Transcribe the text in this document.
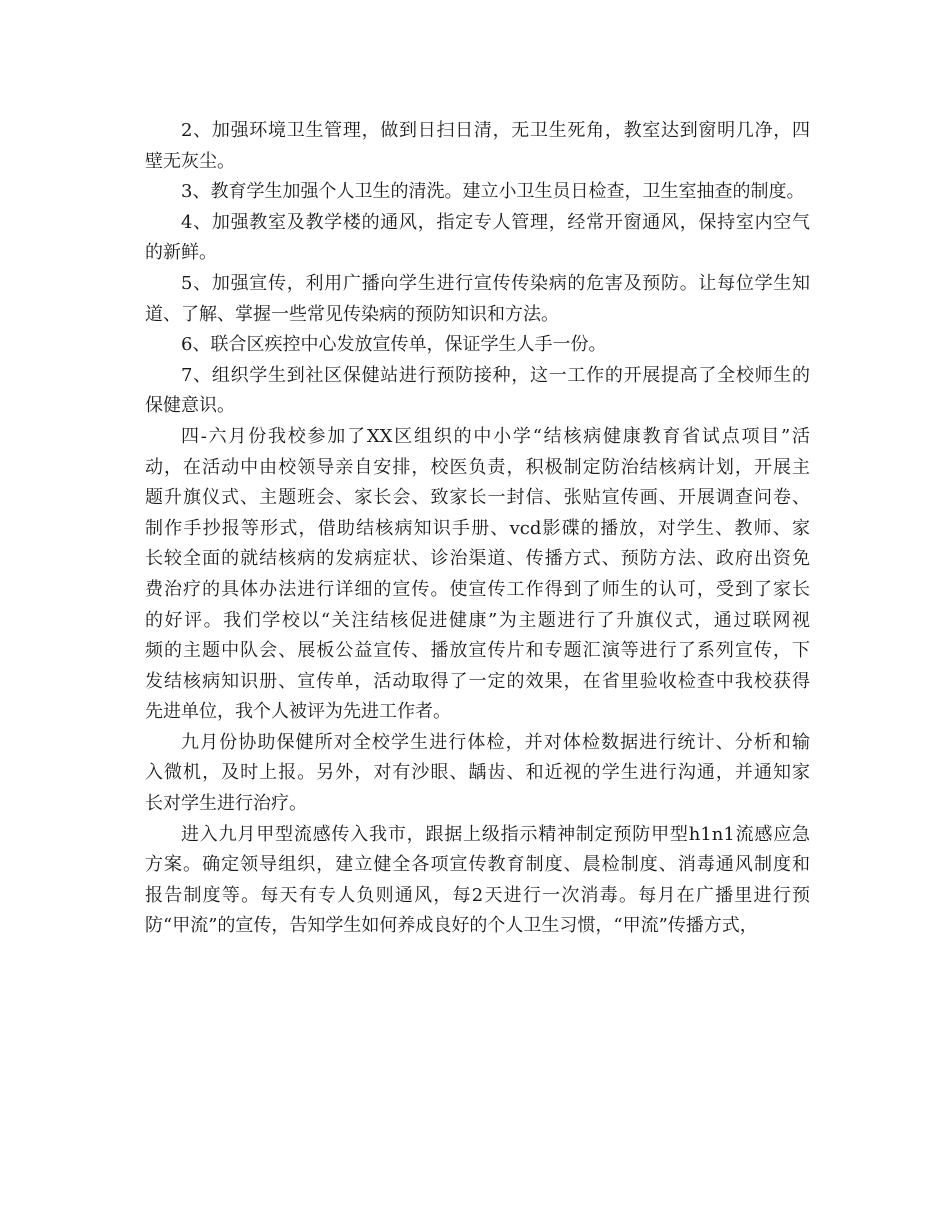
2、加强环境卫生管理，做到日扫日清，无卫生死角，教室达到窗明几净，四
壁无灰尘。
3、教育学生加强个人卫生的清洗。建立小卫生员日检查，卫生室抽查的制度。
4、加强教室及教学楼的通风，指定专人管理，经常开窗通风，保持室内空气
的新鲜。
5、加强宣传，利用广播向学生进行宣传传染病的危害及预防。让每位学生知
道、了解、掌握一些常见传染病的预防知识和方法。
6、联合区疾控中心发放宣传单，保证学生人手一份。
7、组织学生到社区保健站进行预防接种，这一工作的开展提高了全校师生的
保健意识。
四-六月份我校参加了XX区组织的中小学“结核病健康教育省试点项目”活
动，在活动中由校领导亲自安排，校医负责，积极制定防治结核病计划，开展主
题升旗仪式、主题班会、家长会、致家长一封信、张贴宣传画、开展调查问卷、
制作手抄报等形式，借助结核病知识手册、vcd影碟的播放，对学生、教师、家
长较全面的就结核病的发病症状、诊治渠道、传播方式、预防方法、政府出资免
费治疗的具体办法进行详细的宣传。使宣传工作得到了师生的认可，受到了家长
的好评。我们学校以“关注结核促进健康”为主题进行了升旗仪式，通过联网视
频的主题中队会、展板公益宣传、播放宣传片和专题汇演等进行了系列宣传，下
发结核病知识册、宣传单，活动取得了一定的效果，在省里验收检查中我校获得
先进单位，我个人被评为先进工作者。
九月份协助保健所对全校学生进行体检，并对体检数据进行统计、分析和输
入微机，及时上报。另外，对有沙眼、龋齿、和近视的学生进行沟通，并通知家
长对学生进行治疗。
进入九月甲型流感传入我市，跟据上级指示精神制定预防甲型h1n1流感应急
方案。确定领导组织，建立健全各项宣传教育制度、晨检制度、消毒通风制度和
报告制度等。每天有专人负则通风，每2天进行一次消毒。每月在广播里进行预
防“甲流”的宣传，告知学生如何养成良好的个人卫生习惯，“甲流”传播方式，
